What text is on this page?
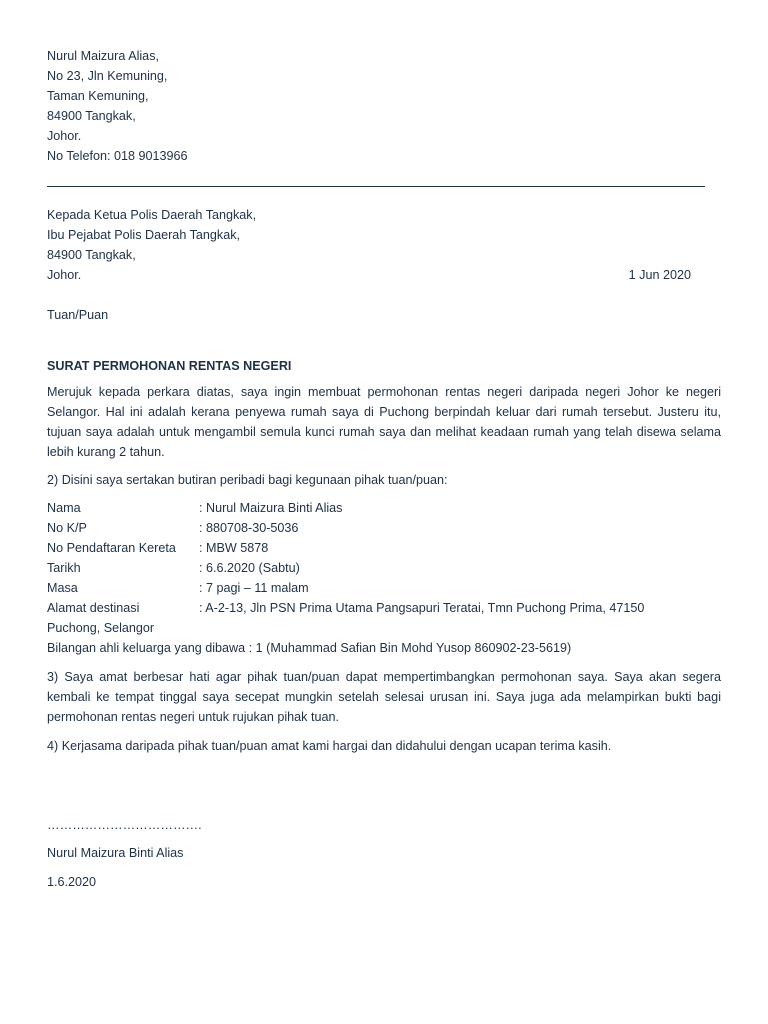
Nurul Maizura Alias,
No 23, Jln Kemuning,
Taman Kemuning,
84900 Tangkak,
Johor.
No Telefon: 018 9013966
Kepada Ketua Polis Daerah Tangkak,
Ibu Pejabat Polis Daerah Tangkak,
84900 Tangkak,
Johor.	1 Jun 2020
Tuan/Puan
SURAT PERMOHONAN RENTAS NEGERI
Merujuk kepada perkara diatas, saya ingin membuat permohonan rentas negeri daripada negeri Johor ke negeri Selangor. Hal ini adalah kerana penyewa rumah saya di Puchong berpindah keluar dari rumah tersebut. Justeru itu, tujuan saya adalah untuk mengambil semula kunci rumah saya dan melihat keadaan rumah yang telah disewa selama lebih kurang 2 tahun.
2) Disini saya sertakan butiran peribadi bagi kegunaan pihak tuan/puan:
Nama	: Nurul Maizura Binti Alias
No K/P	: 880708-30-5036
No Pendaftaran Kereta	: MBW 5878
Tarikh	: 6.6.2020 (Sabtu)
Masa	: 7 pagi – 11 malam
Alamat destinasi	: A-2-13, Jln PSN Prima Utama Pangsapuri Teratai, Tmn Puchong Prima, 47150
Puchong, Selangor
Bilangan ahli keluarga yang dibawa : 1 (Muhammad Safian Bin Mohd Yusop 860902-23-5619)
3) Saya amat berbesar hati agar pihak tuan/puan dapat mempertimbangkan permohonan saya. Saya akan segera kembali ke tempat tinggal saya secepat mungkin setelah selesai urusan ini. Saya juga ada melampirkan bukti bagi permohonan rentas negeri untuk rujukan pihak tuan.
4) Kerjasama daripada pihak tuan/puan amat kami hargai dan didahului dengan ucapan terima kasih.
……………………………….
Nurul Maizura Binti Alias
1.6.2020
